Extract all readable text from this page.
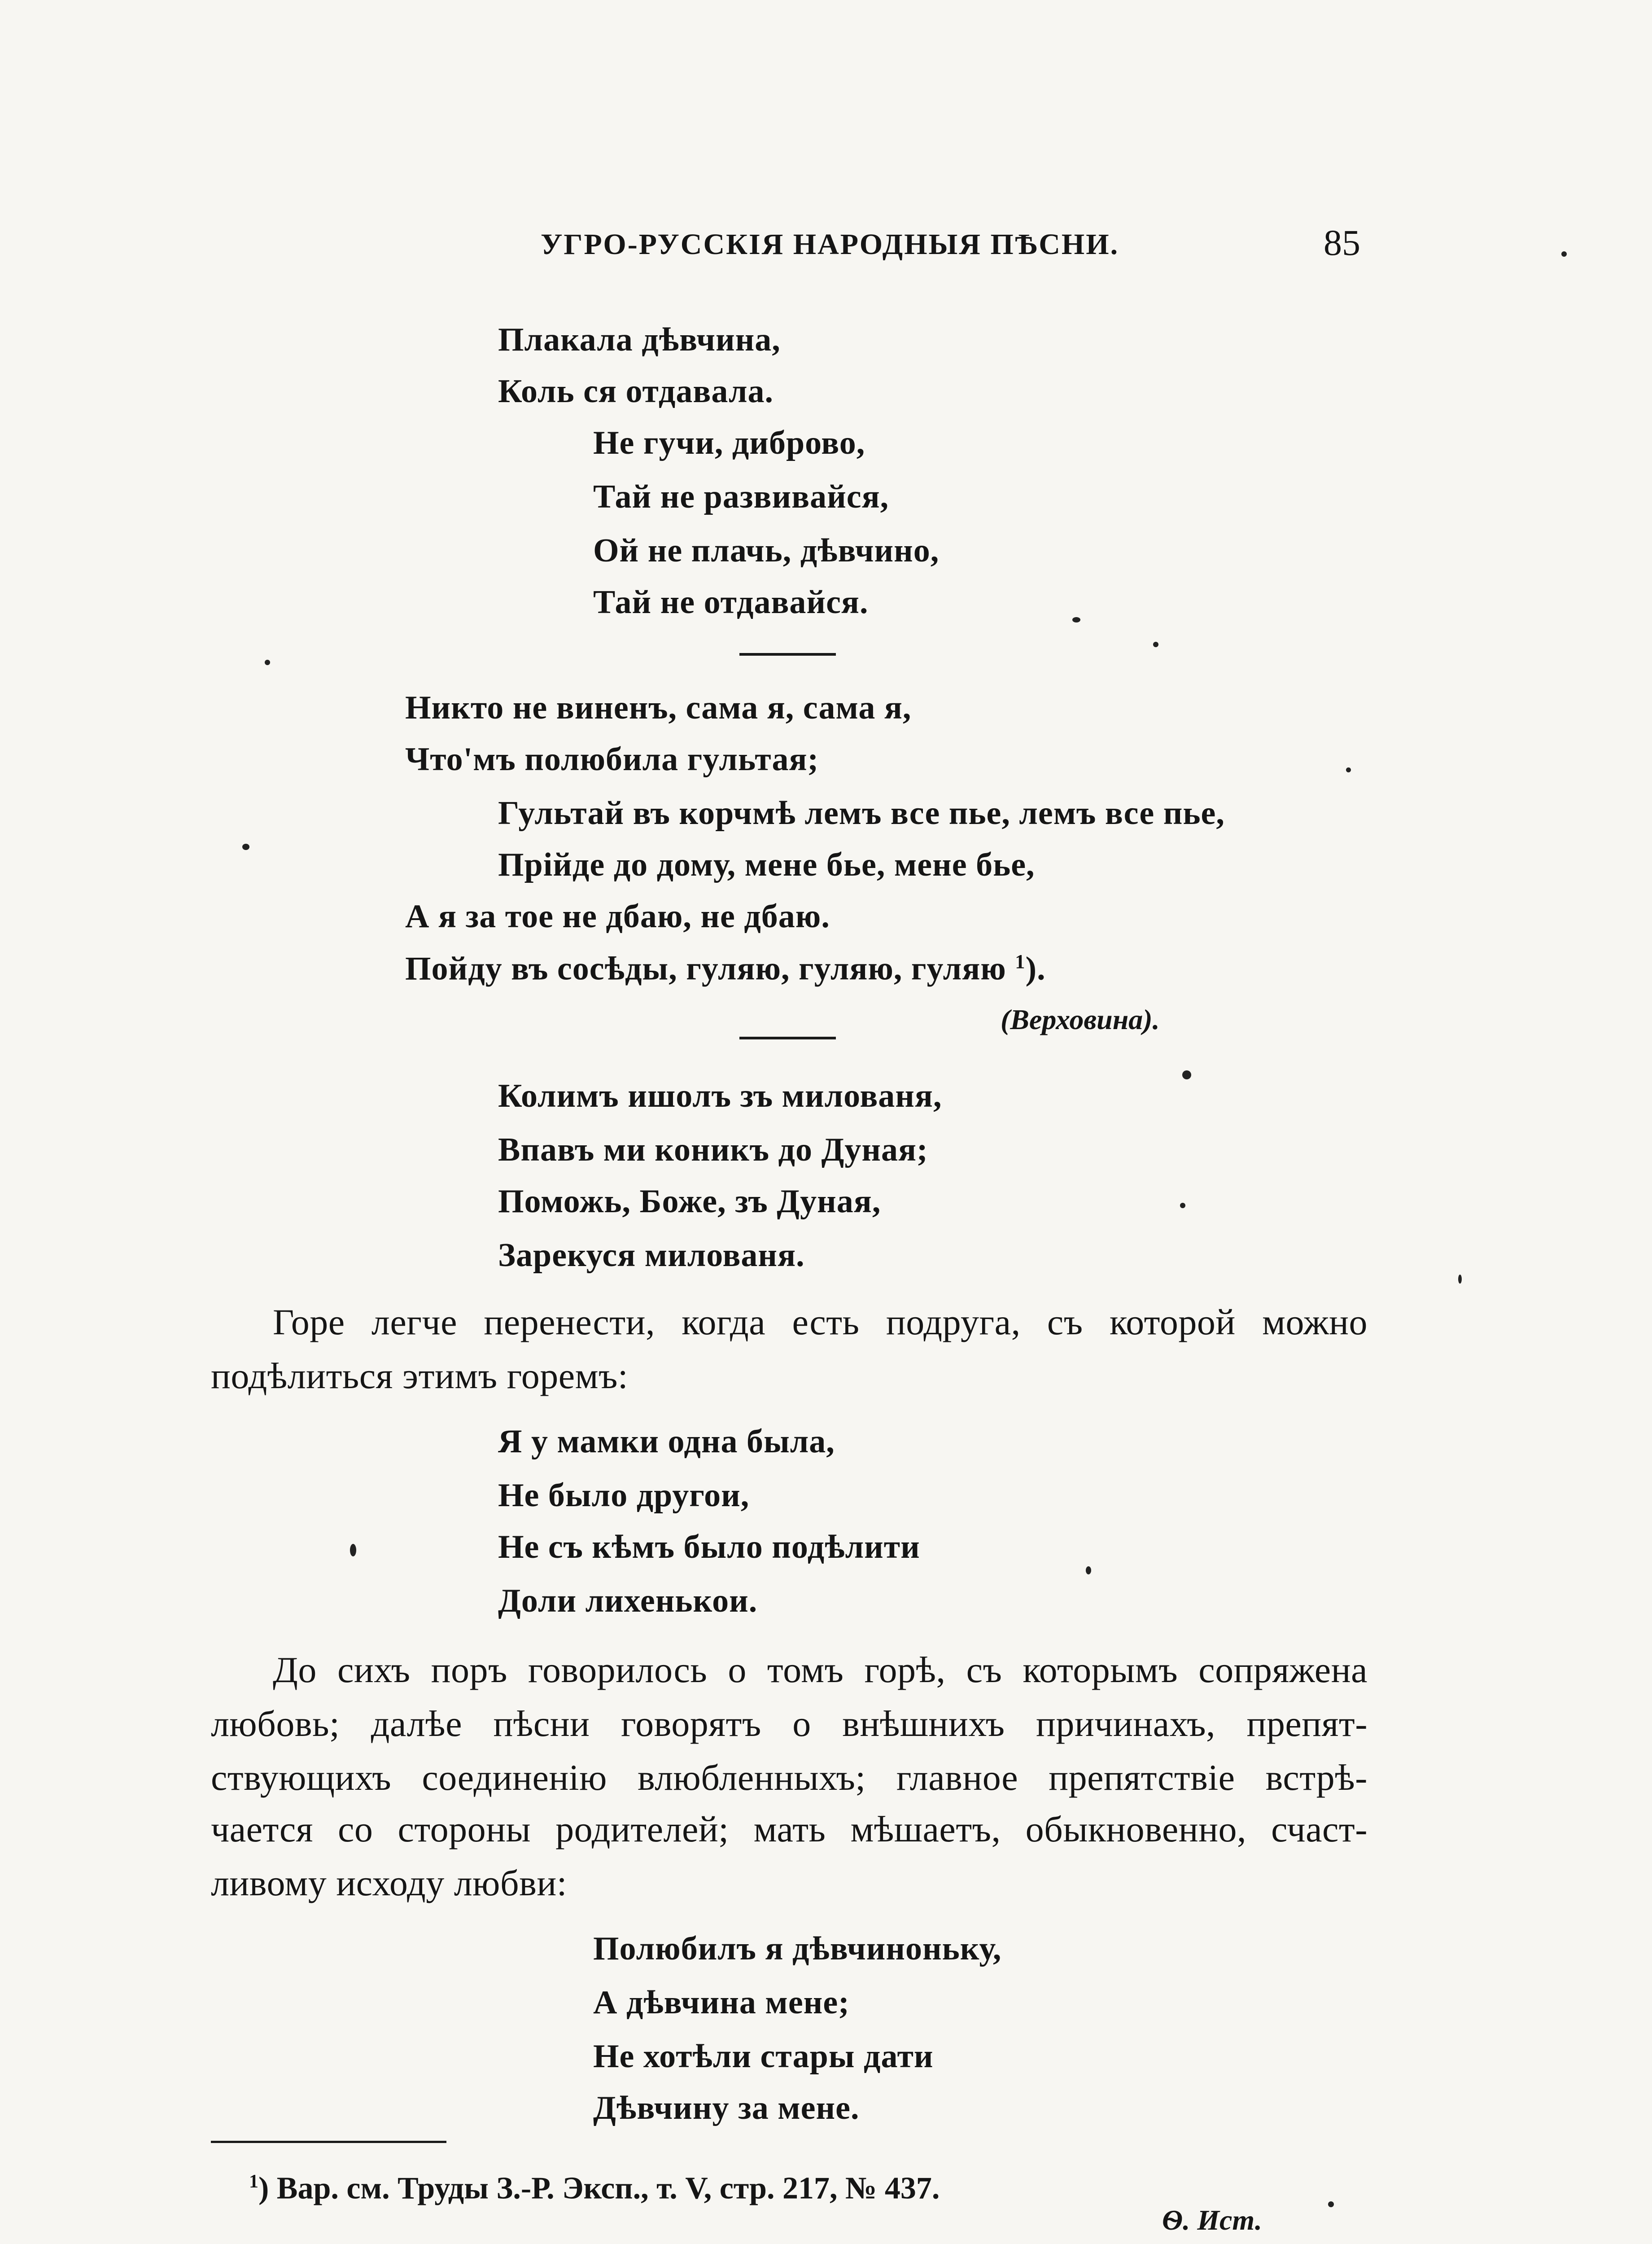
УГРО-РУССКІЯ НАРОДНЫЯ ПѢСНИ.	85
Плакала дѣвчина,
Коль ся отдавала.
Не гучи, диброво,
Тай не развивайся,
Ой не плачь, дѣвчино,
Тай не отдавайся.
Никто не виненъ, сама я, сама я,
Что'мъ полюбила гультая;
Гультай въ корчмѣ лемъ все пье, лемъ все пье,
Прійде до дому, мене бье, мене бье,
А я за тое не дбаю, не дбаю.
Пойду въ сосѣды, гуляю, гуляю, гуляю $^1$).
(Верховина).
Колимъ ишолъ зъ милованя,
Впавъ ми коникъ до Дуная;
Поможь, Боже, зъ Дуная,
Зарекуся милованя.
Горе легче перенести, когда есть подруга, съ которой можно
подѣлиться этимъ горемъ:
Я у мамки одна была,
Не было другои,
Не съ кѣмъ было подѣлити
Доли лихенькои.
До сихъ поръ говорилось о томъ горѣ, съ которымъ сопряжена
любовь; далѣе пѣсни говорятъ о внѣшнихъ причинахъ, препят-
ствующихъ соединенію влюбленныхъ; главное препятствіе встрѣ-
чается со стороны родителей; мать мѣшаетъ, обыкновенно, счаст-
ливому исходу любви:
Полюбилъ я дѣвчиноньку,
А дѣвчина мене;
Не хотѣли стары дати
Дѣвчину за мене.
$^1$) Вар. см. Труды З.-Р. Эксп., т. V, стр. 217, № 437.
Ѳ. Ист.
